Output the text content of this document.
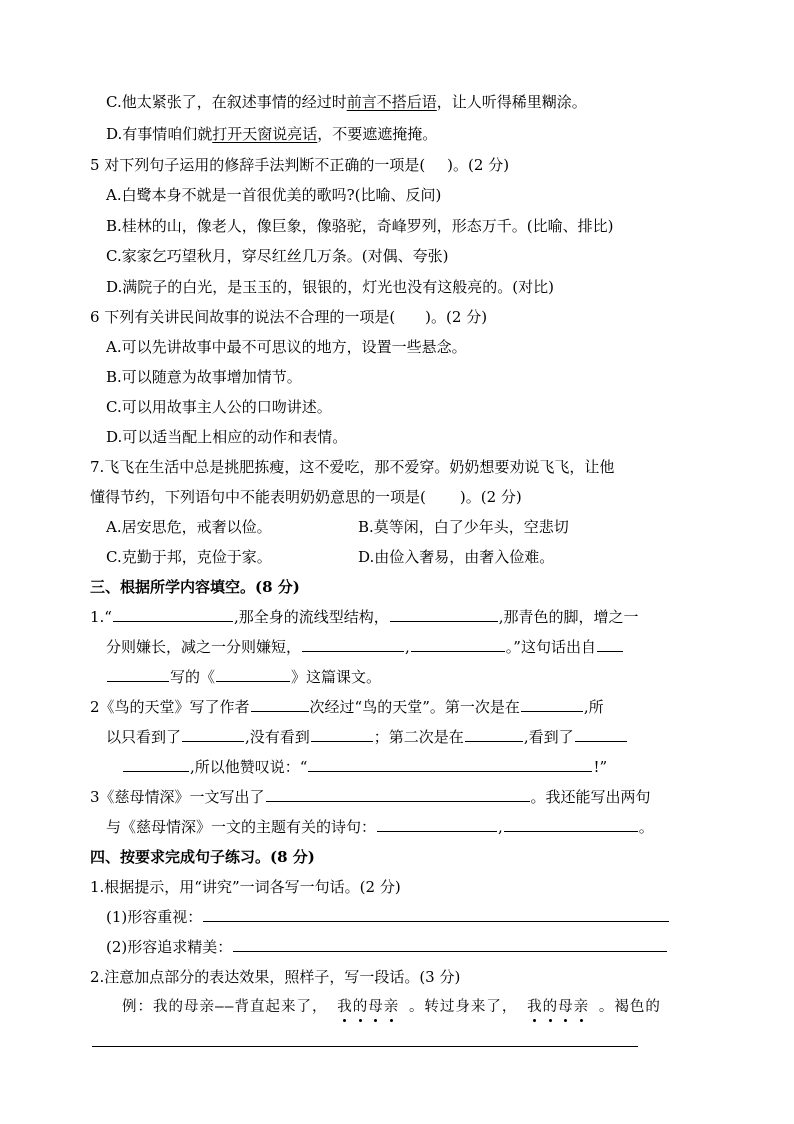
C.他太紧张了，在叙述事情的经过时前言不搭后语，让人听得稀里糊涂。
D.有事情咱们就打开天窗说亮话，不要遮遮掩掩。
5 对下列句子运用的修辞手法判断不正确的一项是( )。(2 分)
A.白鹭本身不就是一首很优美的歌吗?(比喻、反问)
B.桂林的山，像老人，像巨象，像骆驼，奇峰罗列，形态万千。(比喻、排比)
C.家家乞巧望秋月，穿尽红丝几万条。(对偶、夸张)
D.满院子的白光，是玉玉的，银银的，灯光也没有这般亮的。(对比)
6 下列有关讲民间故事的说法不合理的一项是( )。(2 分)
A.可以先讲故事中最不可思议的地方，设置一些悬念。
B.可以随意为故事增加情节。
C.可以用故事主人公的口吻讲述。
D.可以适当配上相应的动作和表情。
7.飞飞在生活中总是挑肥拣瘦，这不爱吃，那不爱穿。奶奶想要劝说飞飞，让他
懂得节约，下列语句中不能表明奶奶意思的一项是( )。(2 分)
A.居安思危，戒奢以俭。	B.莫等闲，白了少年头，空悲切
C.克勤于邦，克俭于家。	D.由俭入奢易，由奢入俭难。
三、根据所学内容填空。(8 分)
1.“	,那全身的流线型结构，	,那青色的脚，增之一
分则嫌长，减之一分则嫌短，	,	。”这句话出自
写的《	》这篇课文。
2《鸟的天堂》写了作者	次经过“鸟的天堂”。第一次是在	,所
以只看到了	,没有看到	；第二次是在	,看到了
,所以他赞叹说：“	!”
3《慈母情深》一文写出了	。我还能写出两句
与《慈母情深》一文的主题有关的诗句：	,	。
四、按要求完成句子练习。(8 分)
1.根据提示，用“讲究”一词各写一句话。(2 分)
(1)形容重视：
(2)形容追求精美：
2.注意加点部分的表达效果，照样子，写一段话。(3 分)
例：我的母亲——背直起来了， 我的母亲 。转过身来了， 我的母亲 。褐色的
